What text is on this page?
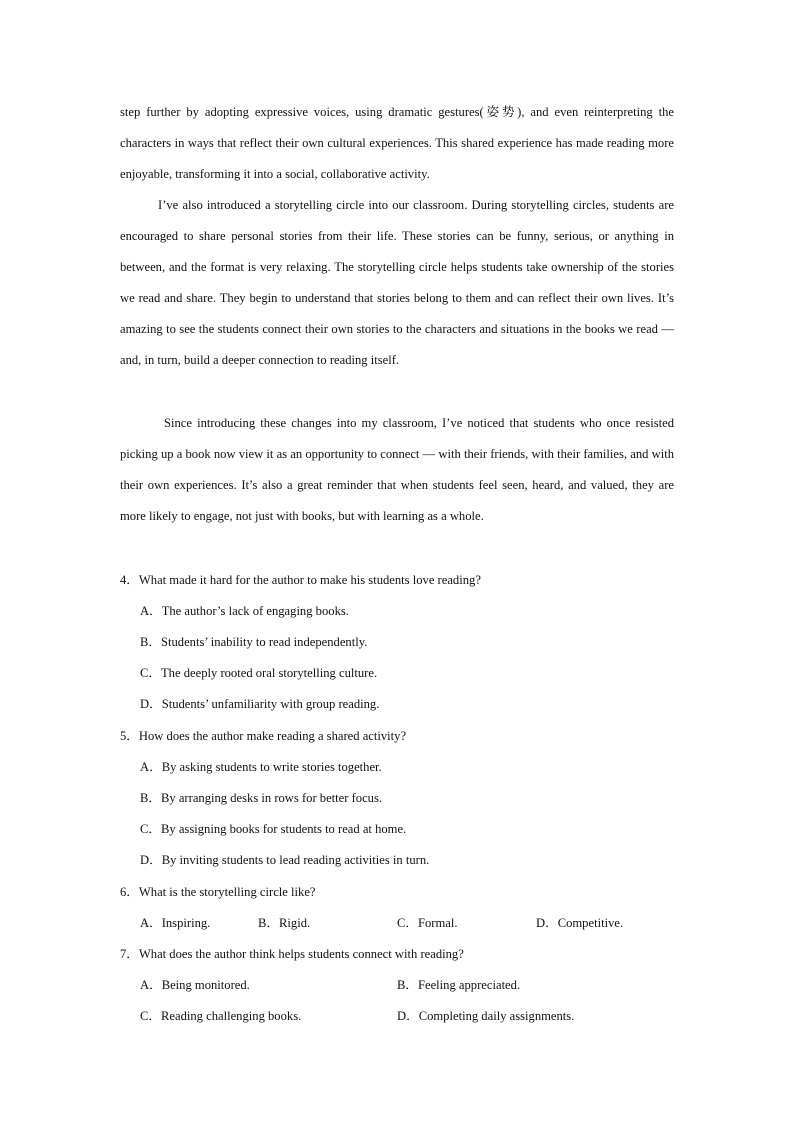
step further by adopting expressive voices, using dramatic gestures(姿势), and even reinterpreting the characters in ways that reflect their own cultural experiences. This shared experience has made reading more enjoyable, transforming it into a social, collaborative activity.

I’ve also introduced a storytelling circle into our classroom. During storytelling circles, students are encouraged to share personal stories from their life. These stories can be funny, serious, or anything in between, and the format is very relaxing. The storytelling circle helps students take ownership of the stories we read and share. They begin to understand that stories belong to them and can reflect their own lives. It’s amazing to see the students connect their own stories to the characters and situations in the books we read — and, in turn, build a deeper connection to reading itself.

Since introducing these changes into my classroom, I’ve noticed that students who once resisted picking up a book now view it as an opportunity to connect — with their friends, with their families, and with their own experiences. It’s also a great reminder that when students feel seen, heard, and valued, they are more likely to engage, not just with books, but with learning as a whole.

4．What made it hard for the author to make his students love reading?
A．The author’s lack of engaging books.
B．Students’ inability to read independently.
C．The deeply rooted oral storytelling culture.
D．Students’ unfamiliarity with group reading.
5．How does the author make reading a shared activity?
A．By asking students to write stories together.
B．By arranging desks in rows for better focus.
C．By assigning books for students to read at home.
D．By inviting students to lead reading activities in turn.
6．What is the storytelling circle like?
A．Inspiring.	B．Rigid.	C．Formal.	D．Competitive.
7．What does the author think helps students connect with reading?
A．Being monitored.	B．Feeling appreciated.
C．Reading challenging books.	D．Completing daily assignments.
